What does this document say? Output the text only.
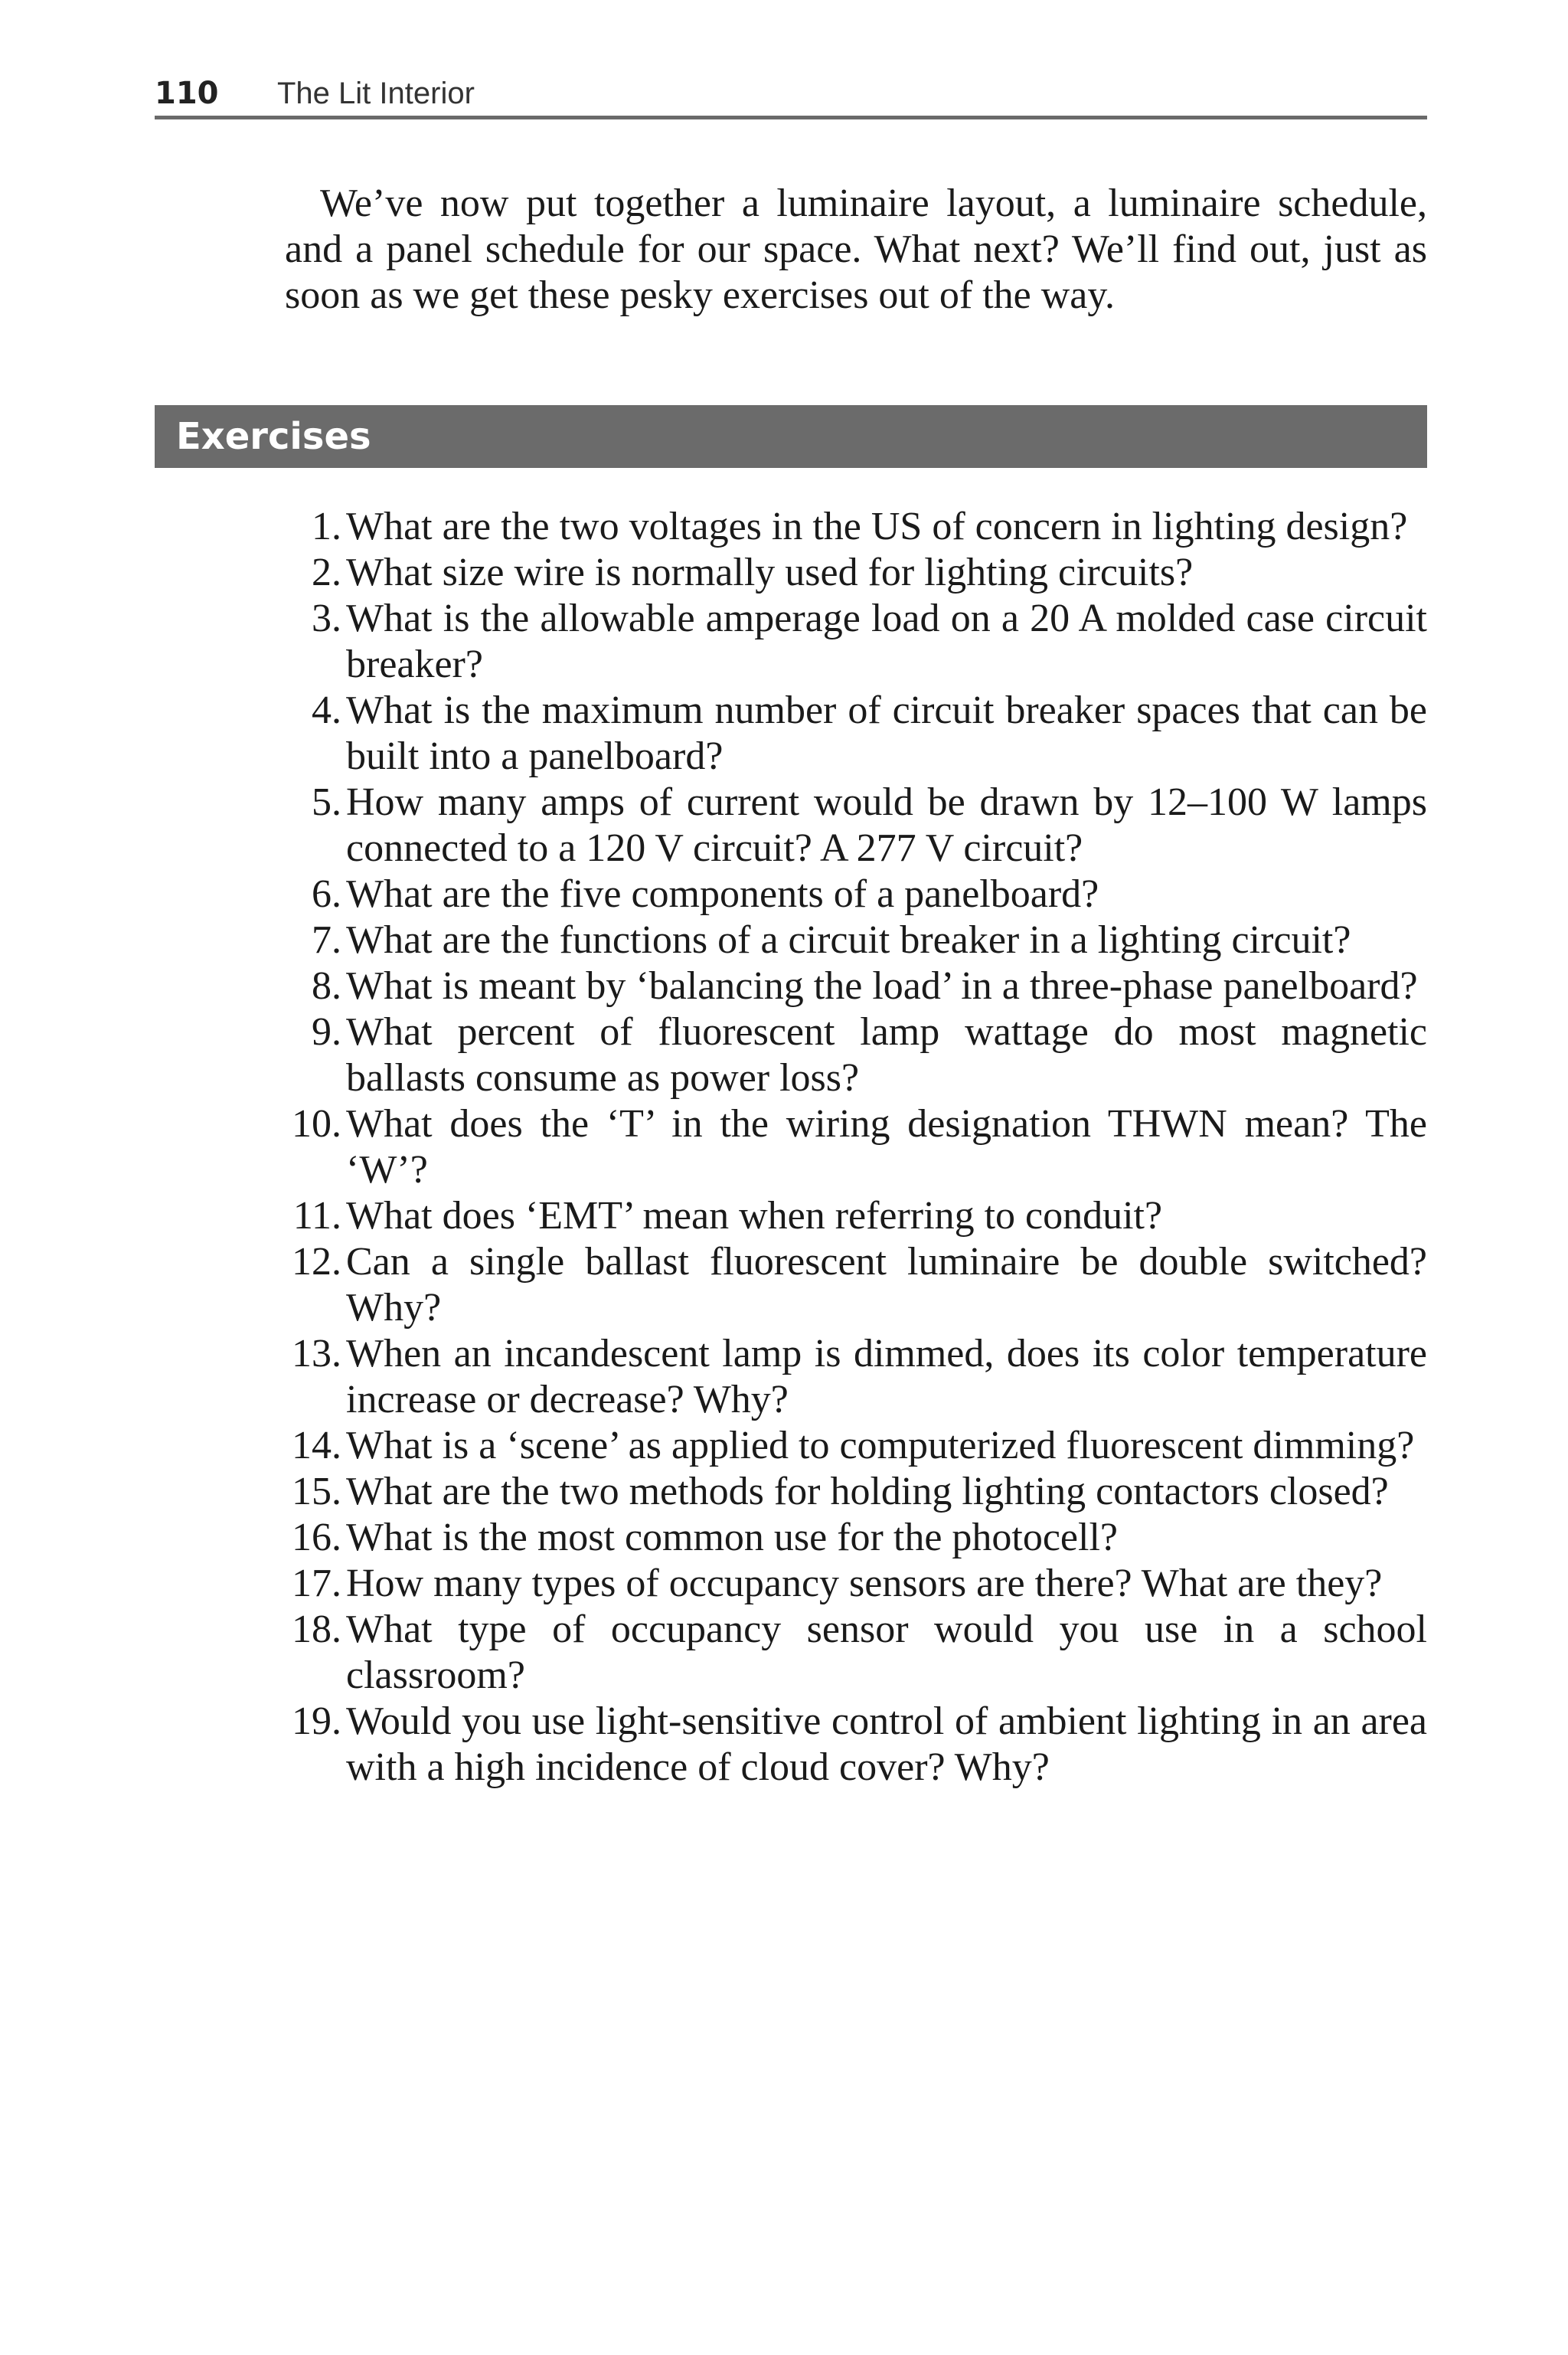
110 The Lit Interior

We’ve now put together a luminaire layout, a luminaire schedule, and a panel schedule for our space. What next? We’ll find out, just as soon as we get these pesky exercises out of the way.

Exercises
1. What are the two voltages in the US of concern in lighting design?
2. What size wire is normally used for lighting circuits?
3. What is the allowable amperage load on a 20 A molded case circuit breaker?
4. What is the maximum number of circuit breaker spaces that can be built into a panelboard?
5. How many amps of current would be drawn by 12–100 W lamps connected to a 120 V circuit? A 277 V circuit?
6. What are the five components of a panelboard?
7. What are the functions of a circuit breaker in a lighting circuit?
8. What is meant by ‘balancing the load’ in a three-phase panelboard?
9. What percent of fluorescent lamp wattage do most magnetic ballasts consume as power loss?
10. What does the ‘T’ in the wiring designation THWN mean? The ‘W’?
11. What does ‘EMT’ mean when referring to conduit?
12. Can a single ballast fluorescent luminaire be double switched? Why?
13. When an incandescent lamp is dimmed, does its color temperature increase or decrease? Why?
14. What is a ‘scene’ as applied to computerized fluorescent dimming?
15. What are the two methods for holding lighting contactors closed?
16. What is the most common use for the photocell?
17. How many types of occupancy sensors are there? What are they?
18. What type of occupancy sensor would you use in a school classroom?
19. Would you use light-sensitive control of ambient lighting in an area with a high incidence of cloud cover? Why?
